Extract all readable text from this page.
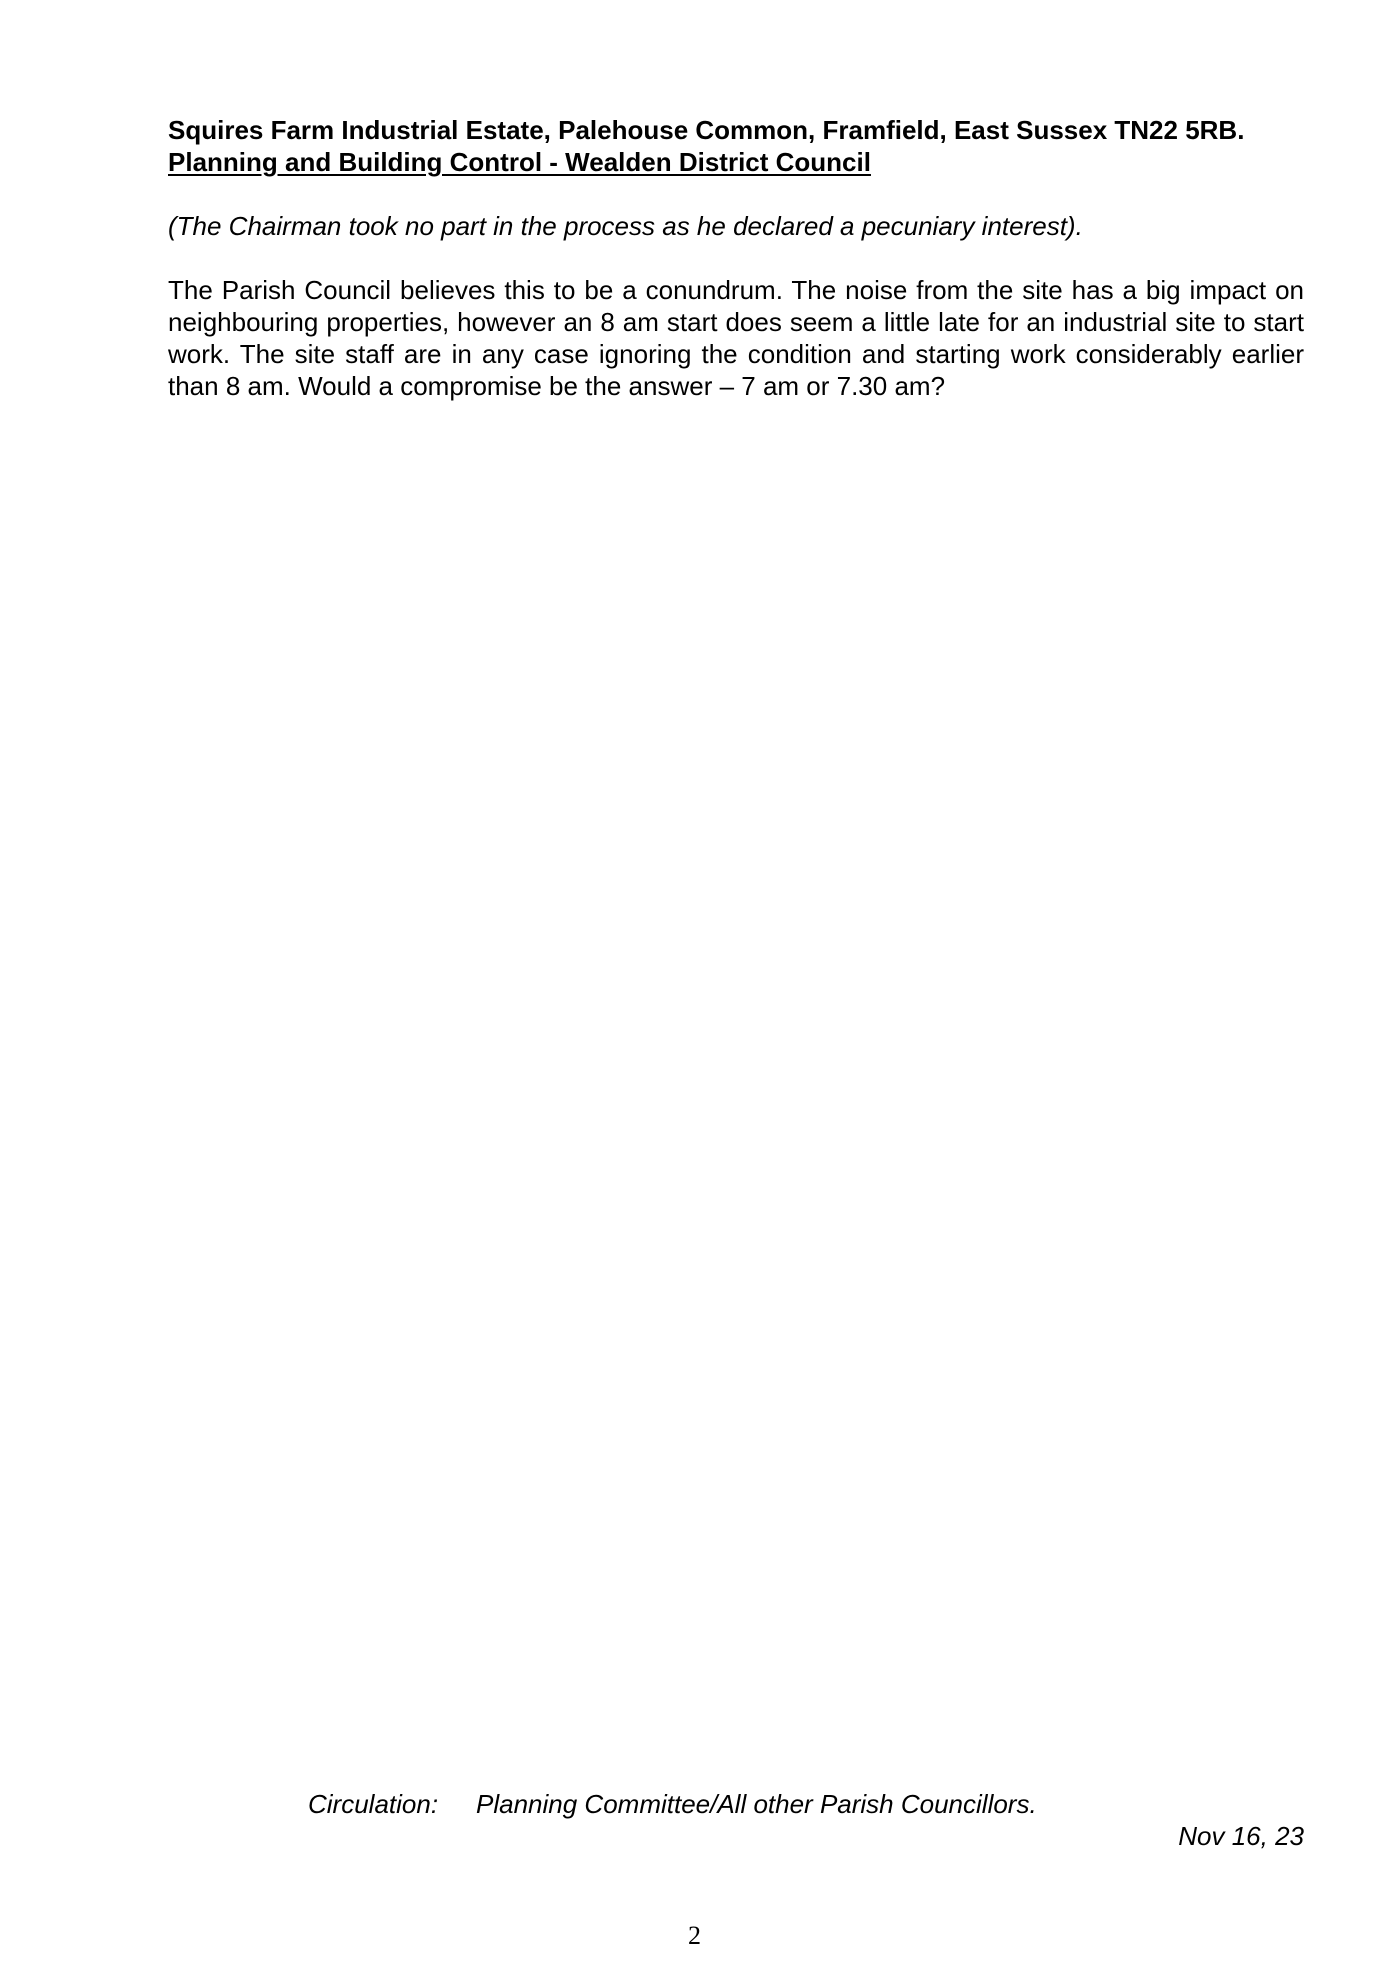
Squires Farm Industrial Estate, Palehouse Common, Framfield, East Sussex TN22 5RB.

Planning and Building Control - Wealden District Council

(The Chairman took no part in the process as he declared a pecuniary interest).

The Parish Council believes this to be a conundrum. The noise from the site has a big impact on neighbouring properties, however an 8 am start does seem a little late for an industrial site to start work. The site staff are in any case ignoring the condition and starting work considerably earlier than 8 am. Would a compromise be the answer – 7 am or 7.30 am?

Circulation: Planning Committee/All other Parish Councillors.
Nov 16, 23
2
